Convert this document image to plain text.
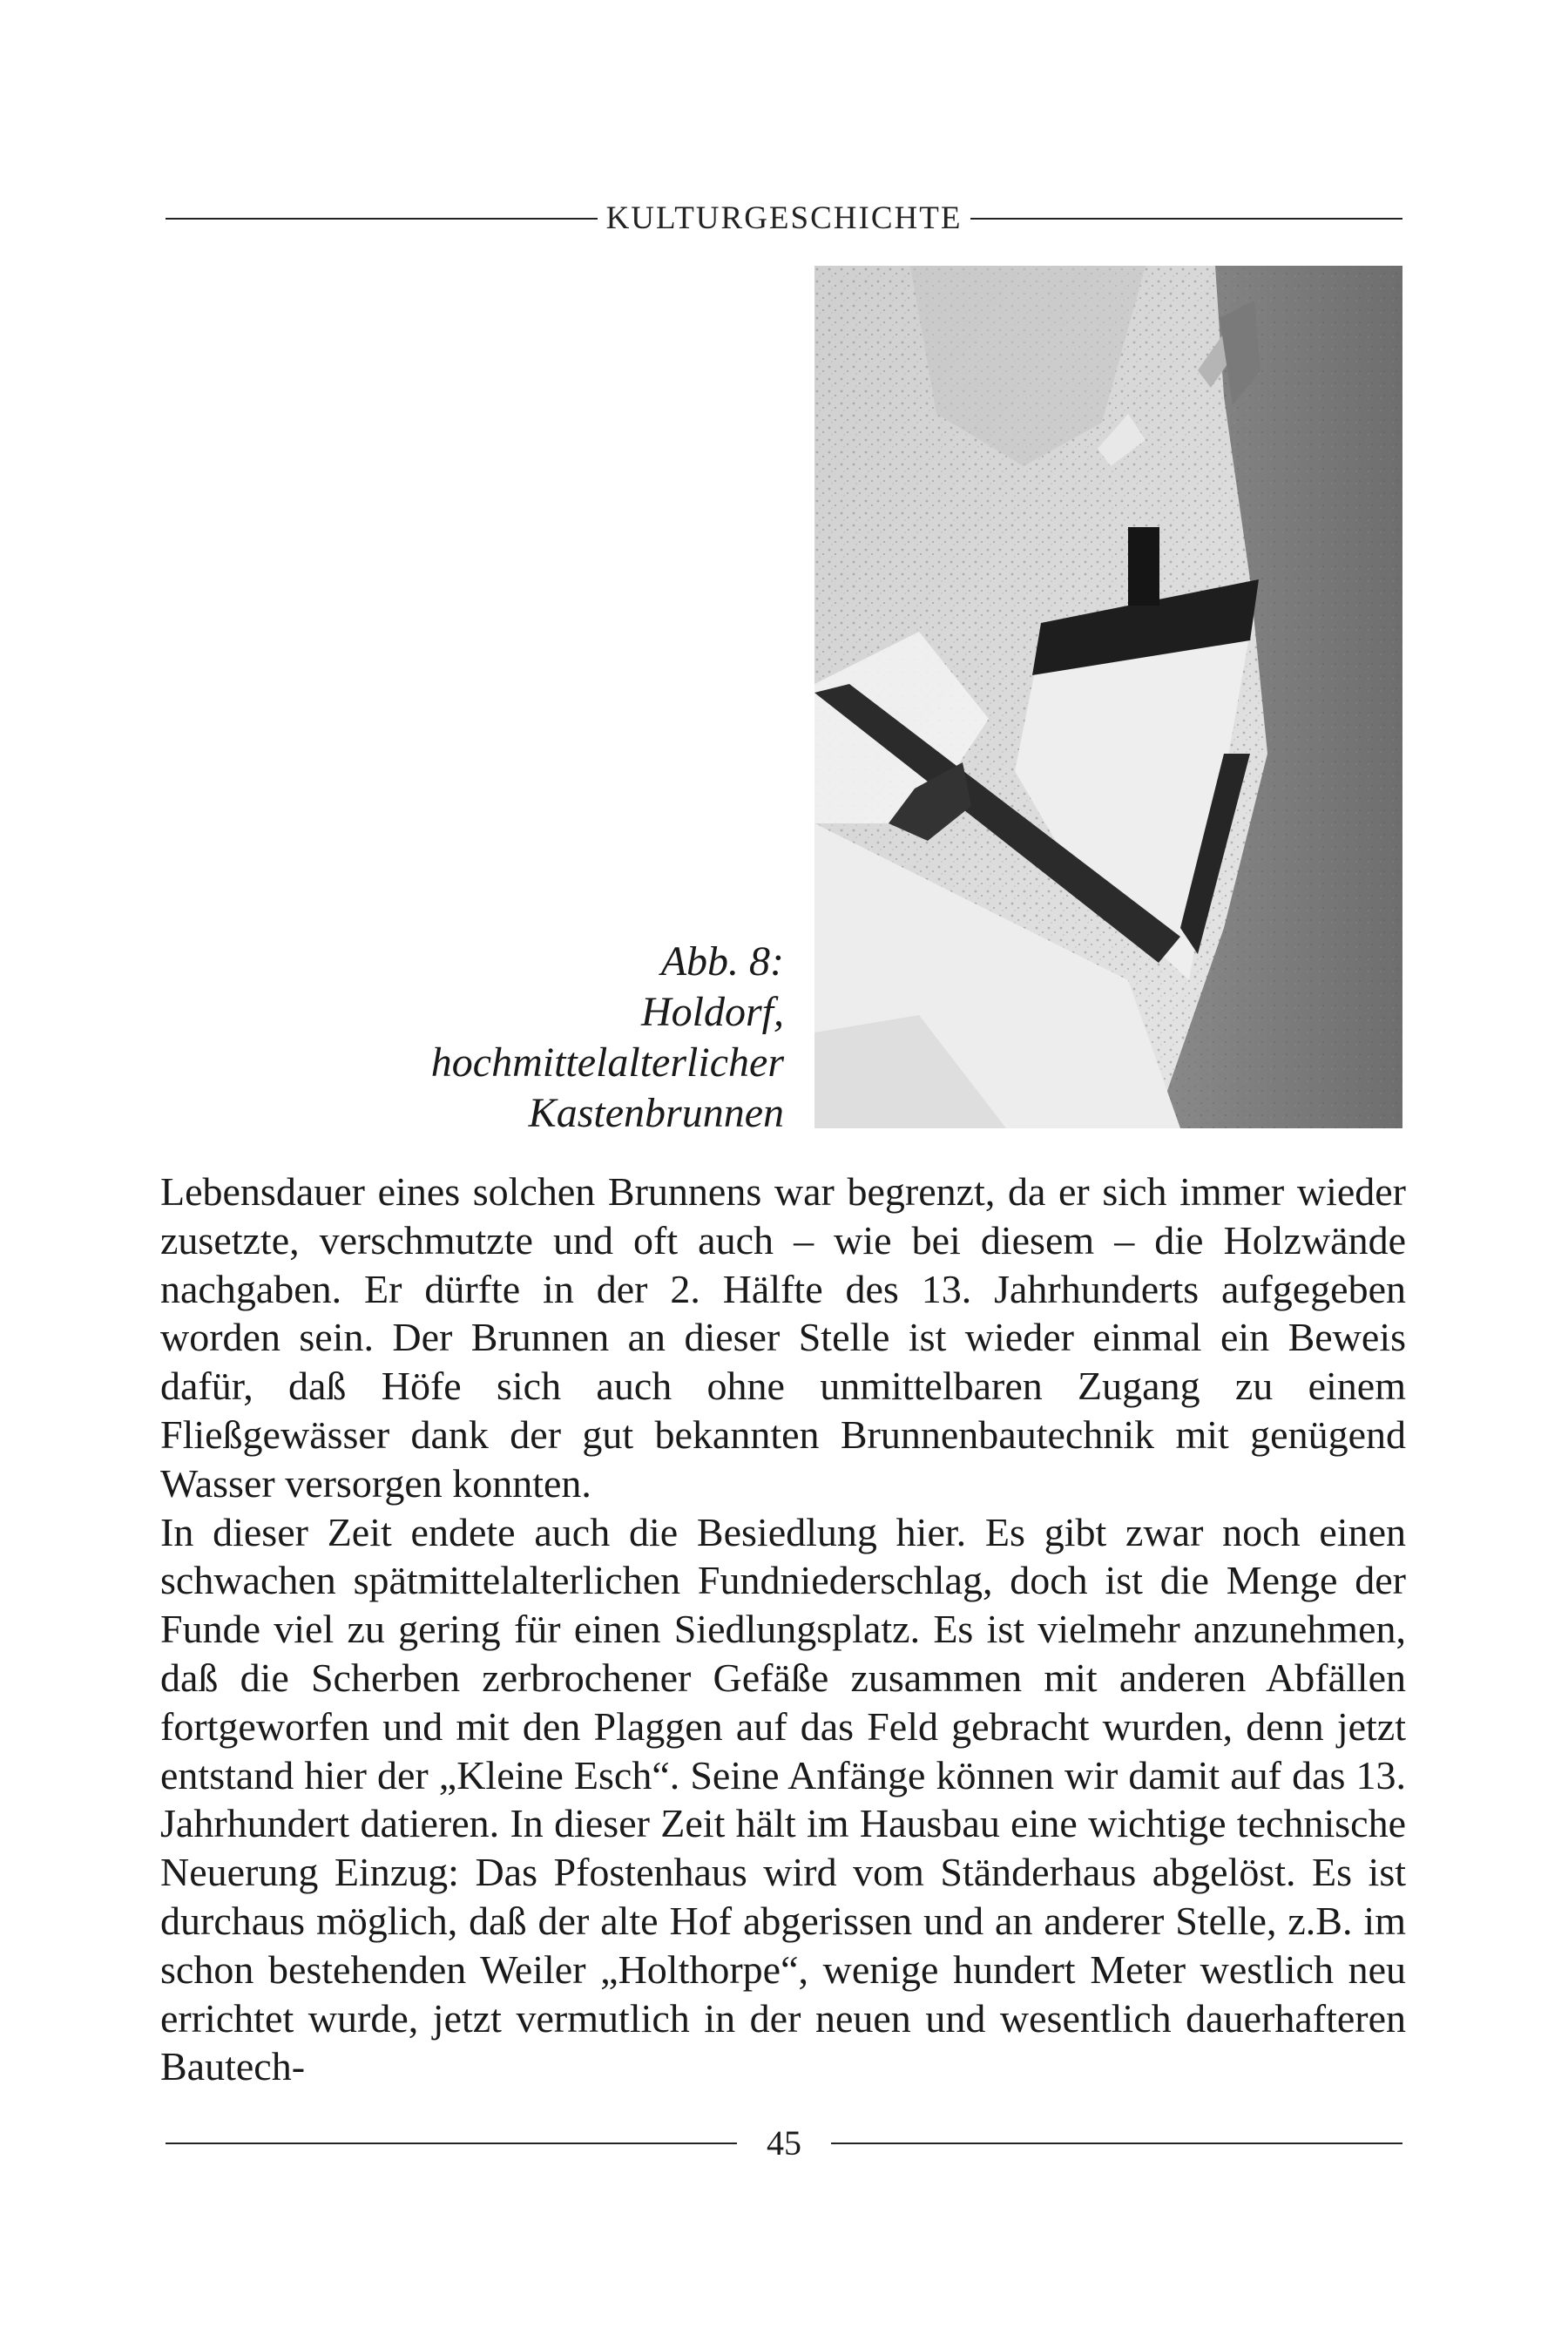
KULTURGESCHICHTE
Abb. 8:
Holdorf,
hochmittelalterlicher
Kastenbrunnen

Lebensdauer eines solchen Brunnens war begrenzt, da er sich immer wieder zusetzte, verschmutzte und oft auch – wie bei diesem – die Holzwände nachgaben. Er dürfte in der 2. Hälfte des 13. Jahrhunderts aufgegeben worden sein. Der Brunnen an dieser Stelle ist wieder einmal ein Beweis dafür, daß Höfe sich auch ohne unmittelbaren Zugang zu einem Fließgewässer dank der gut bekannten Brunnenbautechnik mit genügend Wasser versorgen konnten.

In dieser Zeit endete auch die Besiedlung hier. Es gibt zwar noch einen schwachen spätmittelalterlichen Fundniederschlag, doch ist die Menge der Funde viel zu gering für einen Siedlungsplatz. Es ist vielmehr anzunehmen, daß die Scherben zerbrochener Gefäße zusammen mit anderen Abfällen fortgeworfen und mit den Plaggen auf das Feld gebracht wurden, denn jetzt entstand hier der „Kleine Esch“. Seine Anfänge können wir damit auf das 13. Jahrhundert datieren. In dieser Zeit hält im Hausbau eine wichtige technische Neuerung Einzug: Das Pfostenhaus wird vom Ständerhaus abgelöst. Es ist durchaus möglich, daß der alte Hof abgerissen und an anderer Stelle, z.B. im schon bestehenden Weiler „Holthorpe“, wenige hundert Meter westlich neu errichtet wurde, jetzt vermutlich in der neuen und wesentlich dauerhafteren Bautech-

45
